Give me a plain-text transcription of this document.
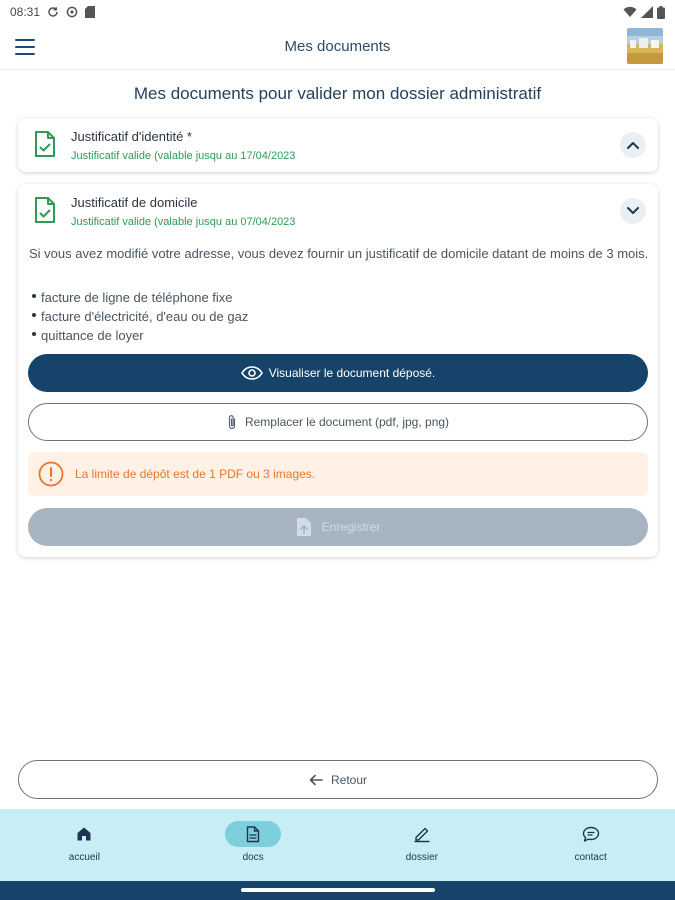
08:31
Mes documents
Mes documents pour valider mon dossier administratif
Justificatif d'identité *
Justificatif valide (valable jusqu au 17/04/2023
Justificatif de domicile
Justificatif valide (valable jusqu au 07/04/2023
Si vous avez modifié votre adresse, vous devez fournir un justificatif de domicile datant de moins de 3 mois.
facture de ligne de téléphone fixe
facture d'électricité, d'eau ou de gaz
quittance de loyer
Visualiser le document déposé.
Remplacer le document (pdf, jpg, png)
La limite de dépôt est de 1 PDF ou 3 images.
Enregistrer
Retour
accueil	docs	dossier	contact
